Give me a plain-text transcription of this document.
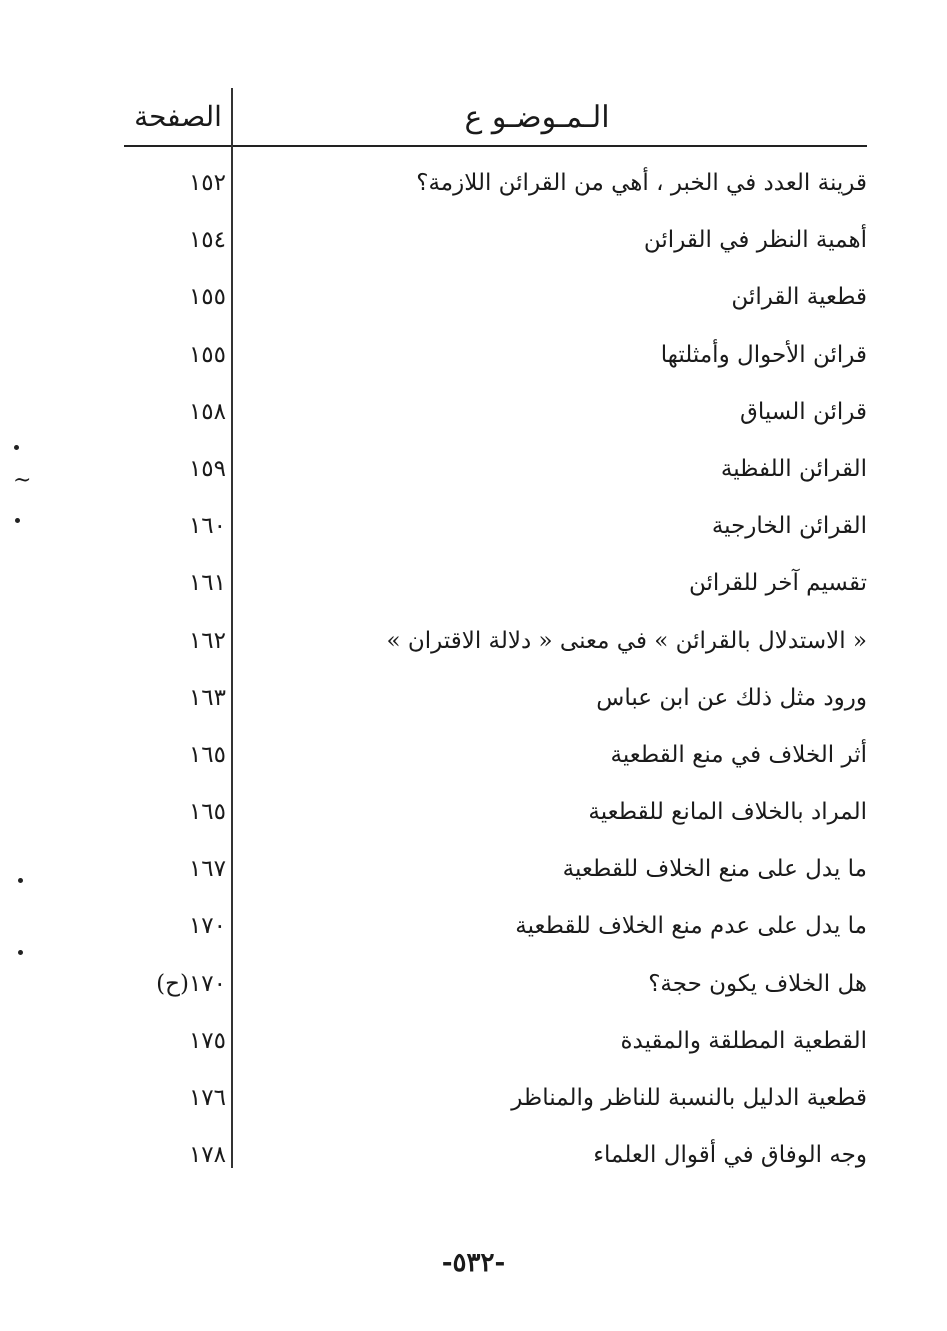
الـمـوضـو ع
الصفحة
قرينة العدد في الخبر ، أهي من القرائن اللازمة؟
١٥٢
أهمية النظر في القرائن
١٥٤
قطعية القرائن
١٥٥
قرائن الأحوال وأمثلتها
١٥٥
قرائن السياق
١٥٨
القرائن اللفظية
١٥٩
القرائن الخارجية
١٦٠
تقسيم آخر للقرائن
١٦١
« الاستدلال بالقرائن » في معنى « دلالة الاقتران »
١٦٢
ورود مثل ذلك عن ابن عباس
١٦٣
أثر الخلاف في منع القطعية
١٦٥
المراد بالخلاف المانع للقطعية
١٦٥
ما يدل على منع الخلاف للقطعية
١٦٧
ما يدل على عدم منع الخلاف للقطعية
١٧٠
هل الخلاف يكون حجة؟
١٧٠(ح)
القطعية المطلقة والمقيدة
١٧٥
قطعية الدليل بالنسبة للناظر والمناظر
١٧٦
وجه الوفاق في أقوال العلماء
١٧٨
-٥٣٢-
~
